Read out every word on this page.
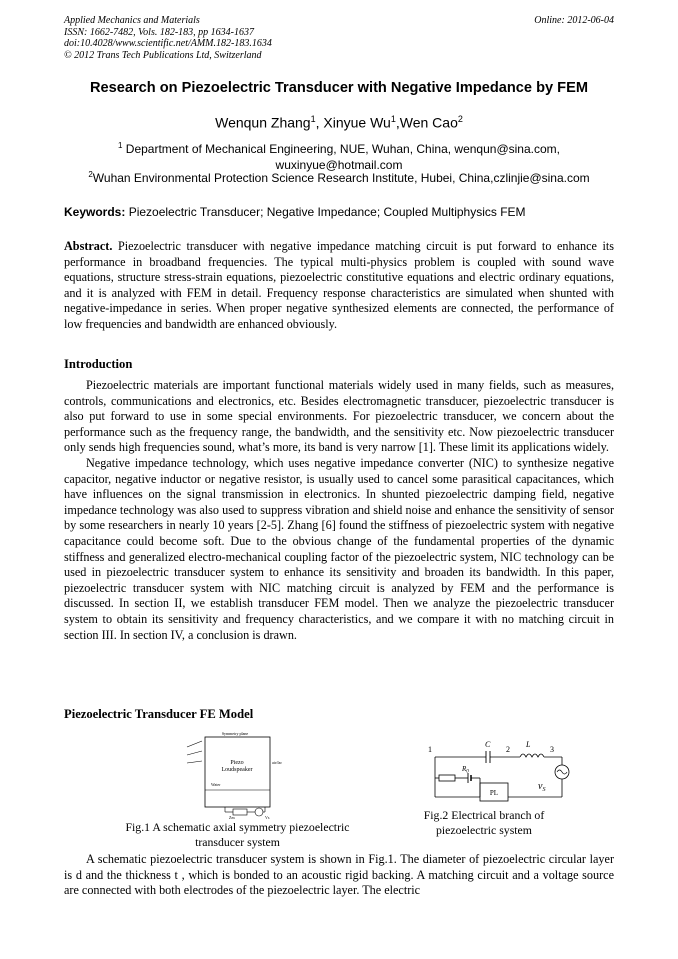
Applied Mechanics and Materials
ISSN: 1662-7482, Vols. 182-183, pp 1634-1637
doi:10.4028/www.scientific.net/AMM.182-183.1634
© 2012 Trans Tech Publications Ltd, Switzerland
Online: 2012-06-04
Research on Piezoelectric Transducer with Negative Impedance by FEM
Wenqun Zhang$^1$, Xinyue Wu$^1$,Wen Cao$^2$
$^1$ Department of Mechanical Engineering, NUE, Wuhan, China, wenqun@sina.com,
wuxinyue@hotmail.com
$^2$Wuhan Environmental Protection Science Research Institute, Hubei, China,czlinjie@sina.com
Keywords: Piezoelectric Transducer; Negative Impedance; Coupled Multiphysics FEM
Abstract. Piezoelectric transducer with negative impedance matching circuit is put forward to enhance its performance in broadband frequencies. The typical multi-physics problem is coupled with sound wave equations, structure stress-strain equations, piezoelectric constitutive equations and electric ordinary equations, and it is analyzed with FEM in detail. Frequency response characteristics are simulated when shunted with negative-impedance in series. When proper negative synthesized elements are connected, the performance of low frequencies and bandwidth are enhanced obviously.
Introduction

Piezoelectric materials are important functional materials widely used in many fields, such as measures, controls, communications and electronics, etc. Besides electromagnetic transducer, piezoelectric transducer is also put forward to use in some special environments. For piezoelectric transducer, we concern about the performance such as the frequency range, the bandwidth, and the sensitivity etc. Now piezoelectric transducer only sends high frequencies sound, what’s more, its band is very narrow [1]. These limit its applications widely.

Negative impedance technology, which uses negative impedance converter (NIC) to synthesize negative capacitor, negative inductor or negative resistor, is usually used to cancel some parasitical capacitances, which have influences on the signal transmission in electronics. In shunted piezoelectric damping field, negative impedance technology was also used to suppress vibration and shield noise and enhance the sensitivity of sensor by some researchers in nearly 10 years [2-5]. Zhang [6] found the stiffness of piezoelectric system with negative capacitance could become soft. Due to the obvious change of the fundamental properties of the dynamic stiffness and generalized electro-mechanical coupling factor of the piezoelectric system, NIC technology can be used in piezoelectric transducer system to enhance its sensitivity and broaden its bandwidth. In this paper, piezoelectric transducer system with NIC matching circuit is analyzed by FEM and the performance is discussed. In section II, we establish transducer FEM model. Then we analyze the piezoelectric transducer system to obtain its sensitivity and frequency characteristics, and we compare it with no matching circuit in section III. In section IV, a conclusion is drawn.

Piezoelectric Transducer FE Model
Symmetry plane
Piezo
Loudspeaker
Water
air/far
Zm	Vs
Fig.1 A schematic axial symmetry piezoelectric transducer system
1	2	3
C	L
$R_0$
PL
$v_S$
Fig.2 Electrical branch of piezoelectric system

A schematic piezoelectric transducer system is shown in Fig.1. The diameter of piezoelectric circular layer is d and the thickness t , which is bonded to an acoustic rigid backing. A matching circuit and a voltage source are connected with both electrodes of the piezoelectric layer. The electric
